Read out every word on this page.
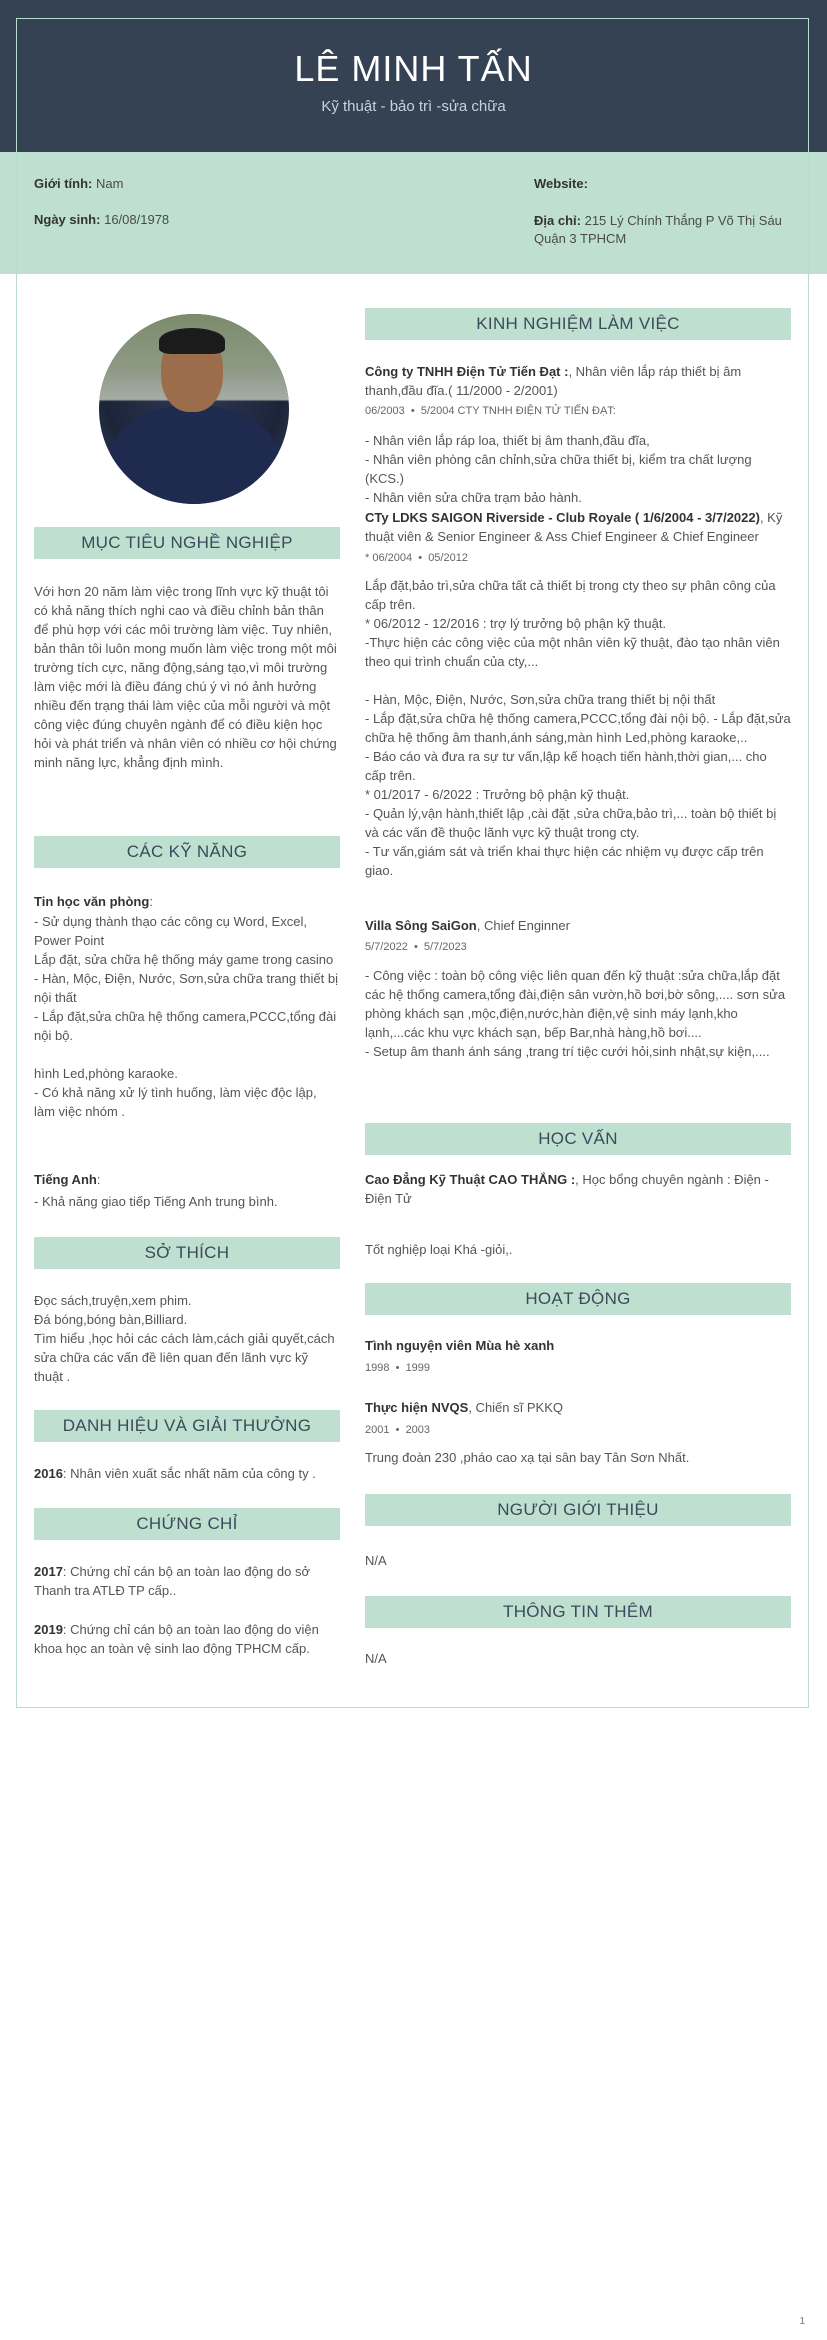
LÊ MINH TẤN
Kỹ thuật - bảo trì -sửa chữa
Giới tính: Nam
Ngày sinh: 16/08/1978
Website:
Địa chỉ: 215 Lý Chính Thắng P Võ Thị Sáu
Quận 3 TPHCM
MỤC TIÊU NGHỀ NGHIỆP
Với hơn 20 năm làm việc trong lĩnh vực kỹ thuật tôi có khả năng thích nghi cao và điều chỉnh bản thân để phù hợp với các môi trường làm việc. Tuy nhiên, bản thân tôi luôn mong muốn làm việc trong một môi trường tích cực, năng động,sáng tạo,vì môi trường làm việc mới là điều đáng chú ý vì nó ảnh hưởng nhiều đến trạng thái làm việc của mỗi người và một công việc đúng chuyên ngành để có điều kiện học hỏi và phát triển và nhân viên có nhiều cơ hội chứng minh năng lực, khẳng định mình.
CÁC KỸ NĂNG
Tin học văn phòng:
- Sử dụng thành thạo các công cụ Word, Excel, Power Point
Lắp đặt, sửa chữa hệ thống máy game trong casino
- Hàn, Mộc, Điện, Nước, Sơn,sửa chữa trang thiết bị nội thất
- Lắp đặt,sửa chữa hệ thống camera,PCCC,tổng đài nội bộ.

hình Led,phòng karaoke.
- Có khả năng xử lý tình huống, làm việc độc lập, làm việc nhóm .
Tiếng Anh:
- Khả năng giao tiếp Tiếng Anh trung bình.
SỞ THÍCH
Đọc sách,truyện,xem phim.
Đá bóng,bóng bàn,Billiard.
Tìm hiểu ,học hỏi các cách làm,cách giải quyết,cách sửa chữa các vấn đề liên quan đến lãnh vực kỹ thuật .
DANH HIỆU VÀ GIẢI THƯỞNG
2016: Nhân viên xuất sắc nhất năm của công ty .
CHỨNG CHỈ
2017: Chứng chỉ cán bộ an toàn lao động do sở Thanh tra ATLĐ TP cấp..
2019: Chứng chỉ cán bộ an toàn lao động do viện khoa học an toàn vệ sinh lao động TPHCM cấp.
KINH NGHIỆM LÀM VIỆC
Công ty TNHH Điện Tử Tiến Đạt :, Nhân viên lắp ráp thiết bị âm thanh,đầu đĩa.( 11/2000 - 2/2001)
06/2003  •  5/2004 CTY TNHH ĐIỆN TỬ TIẾN ĐẠT:
- Nhân viên lắp ráp loa, thiết bị âm thanh,đầu đĩa,
- Nhân viên phòng cân chỉnh,sửa chữa thiết bị, kiểm tra chất lượng (KCS.)
- Nhân viên sửa chữa trạm bảo hành.
CTy LDKS SAIGON Riverside - Club Royale ( 1/6/2004 - 3/7/2022), Kỹ thuật viên & Senior Engineer & Ass Chief Engineer & Chief Engineer
* 06/2004  •  05/2012
Lắp đặt,bảo trì,sửa chữa tất cả thiết bị trong cty theo sự phân công của cấp trên.
* 06/2012 - 12/2016 : trợ lý trưởng bộ phận kỹ thuật.
-Thực hiện các công việc của một nhân viên kỹ thuật, đào tạo nhân viên theo qui trình chuẩn của cty,...

- Hàn, Mộc, Điện, Nước, Sơn,sửa chữa trang thiết bị nội thất
- Lắp đặt,sửa chữa hệ thống camera,PCCC,tổng đài nội bộ. - Lắp đặt,sửa chữa hệ thống âm thanh,ánh sáng,màn hình Led,phòng karaoke,..
- Báo cáo và đưa ra sự tư vấn,lập kế hoạch tiến hành,thời gian,... cho cấp trên.
* 01/2017 - 6/2022 : Trưởng bộ phận kỹ thuật.
- Quản lý,vận hành,thiết lập ,cài đặt ,sửa chữa,bảo trì,... toàn bộ thiết bị và các vấn đề thuộc lãnh vực kỹ thuật trong cty.
- Tư vấn,giám sát và triển khai thực hiện các nhiệm vụ được cấp trên giao.
Villa Sông SaiGon, Chief Enginner
5/7/2022  •  5/7/2023
- Công việc : toàn bộ công việc liên quan đến kỹ thuật :sửa chữa,lắp đặt các hệ thống camera,tổng đài,điện sân vườn,hồ bơi,bờ sông,.... sơn sửa phòng khách sạn ,mộc,điện,nước,hàn điện,vệ sinh máy lạnh,kho lạnh,...các khu vực khách sạn, bếp Bar,nhà hàng,hồ bơi....
- Setup âm thanh ánh sáng ,trang trí tiệc cưới hỏi,sinh nhật,sự kiện,....
HỌC VẤN
Cao Đẳng Kỹ Thuật CAO THẮNG :, Học bổng chuyên ngành : Điện - Điện Tử
Tốt nghiệp loại Khá -giỏi,.
HOẠT ĐỘNG
Tình nguyện viên Mùa hè xanh
1998  •  1999
Thực hiện NVQS, Chiến sĩ PKKQ
2001  •  2003
Trung đoàn 230 ,pháo cao xạ tại sân bay Tân Sơn Nhất.
NGƯỜI GIỚI THIỆU
N/A
THÔNG TIN THÊM
N/A
1
